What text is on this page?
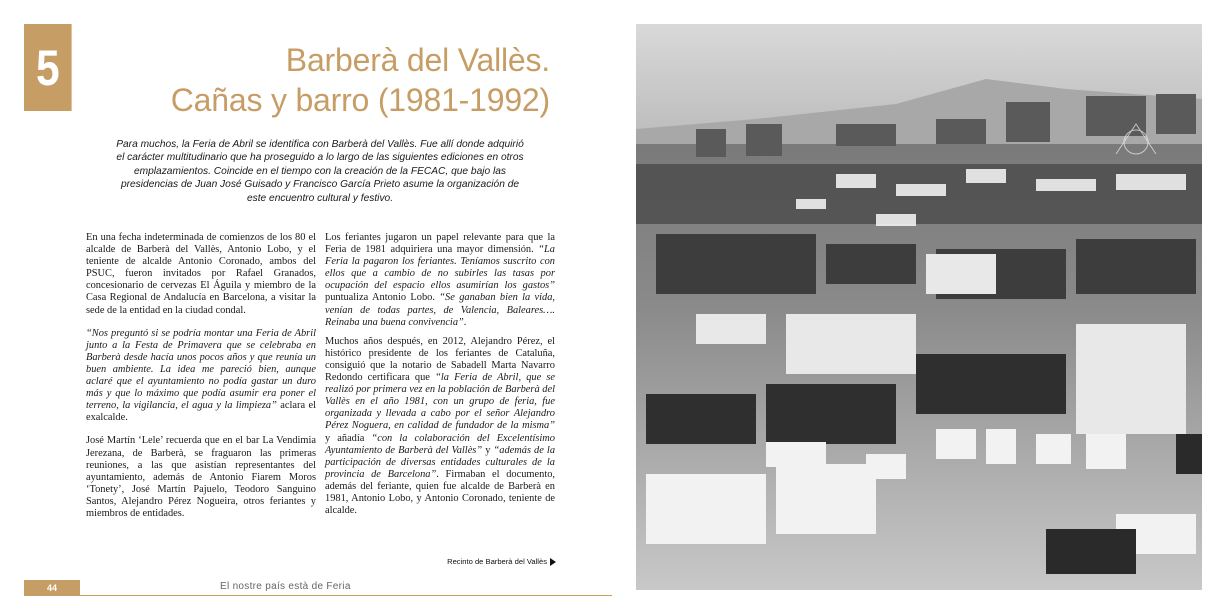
5	Barberà del Vallès.
Cañas y barro (1981-1992)
Para muchos, la Feria de Abril se identifica con Barberà del Vallès. Fue allí donde adquirió el carácter multitudinario que ha proseguido a lo largo de las siguientes ediciones en otros emplazamientos. Coincide en el tiempo con la creación de la FECAC, que bajo las presidencias de Juan José Guisado y Francisco García Prieto asume la organización de este encuentro cultural y festivo.

En una fecha indeterminada de comienzos de los 80 el alcalde de Barberà del Vallès, Antonio Lobo, y el teniente de alcalde Antonio Coronado, ambos del PSUC, fueron invitados por Rafael Granados, concesionario de cervezas El Águila y miembro de la Casa Regional de Andalucía en Barcelona, a visitar la sede de la entidad en la ciudad condal.

“Nos preguntó si se podría montar una Feria de Abril junto a la Festa de Primavera que se celebraba en Barberà desde hacía unos pocos años y que reunía un buen ambiente. La idea me pareció bien, aunque aclaré que el ayuntamiento no podía gastar un duro más y que lo máximo que podía asumir era poner el terreno, la vigilancia, el agua y la limpieza” aclara el exalcalde.

José Martín ‘Lele’ recuerda que en el bar La Vendimia Jerezana, de Barberà, se fraguaron las primeras reuniones, a las que asistían representantes del ayuntamiento, además de Antonio Fiarem Moros ‘Tonety’, José Martín Pajuelo, Teodoro Sanguino Santos, Alejandro Pérez Nogueira, otros feriantes y miembros de entidades.

Los feriantes jugaron un papel relevante para que la Feria de 1981 adquiriera una mayor dimensión. “La Feria la pagaron los feriantes. Teníamos suscrito con ellos que a cambio de no subirles las tasas por ocupación del espacio ellos asumirían los gastos” puntualiza Antonio Lobo. “Se ganaban bien la vida, venían de todas partes, de Valencia, Baleares…. Reinaba una buena convivencia”.

Muchos años después, en 2012, Alejandro Pérez, el histórico presidente de los feriantes de Cataluña, consiguió que la notario de Sabadell Marta Navarro Redondo certificara que “la Feria de Abril, que se realizó por primera vez en la población de Barberà del Vallès en el año 1981, con un grupo de feria, fue organizada y llevada a cabo por el señor Alejandro Pérez Noguera, en calidad de fundador de la misma” y añadía “con la colaboración del Excelentísimo Ayuntamiento de Barberà del Vallès” y “además de la participación de diversas entidades culturales de la provincia de Barcelona”. Firmaban el documento, además del feriante, quien fue alcalde de Barberà en 1981, Antonio Lobo, y Antonio Coronado, teniente de alcalde.

Recinto de Barberà del Vallès
44	El nostre país està de Feria
